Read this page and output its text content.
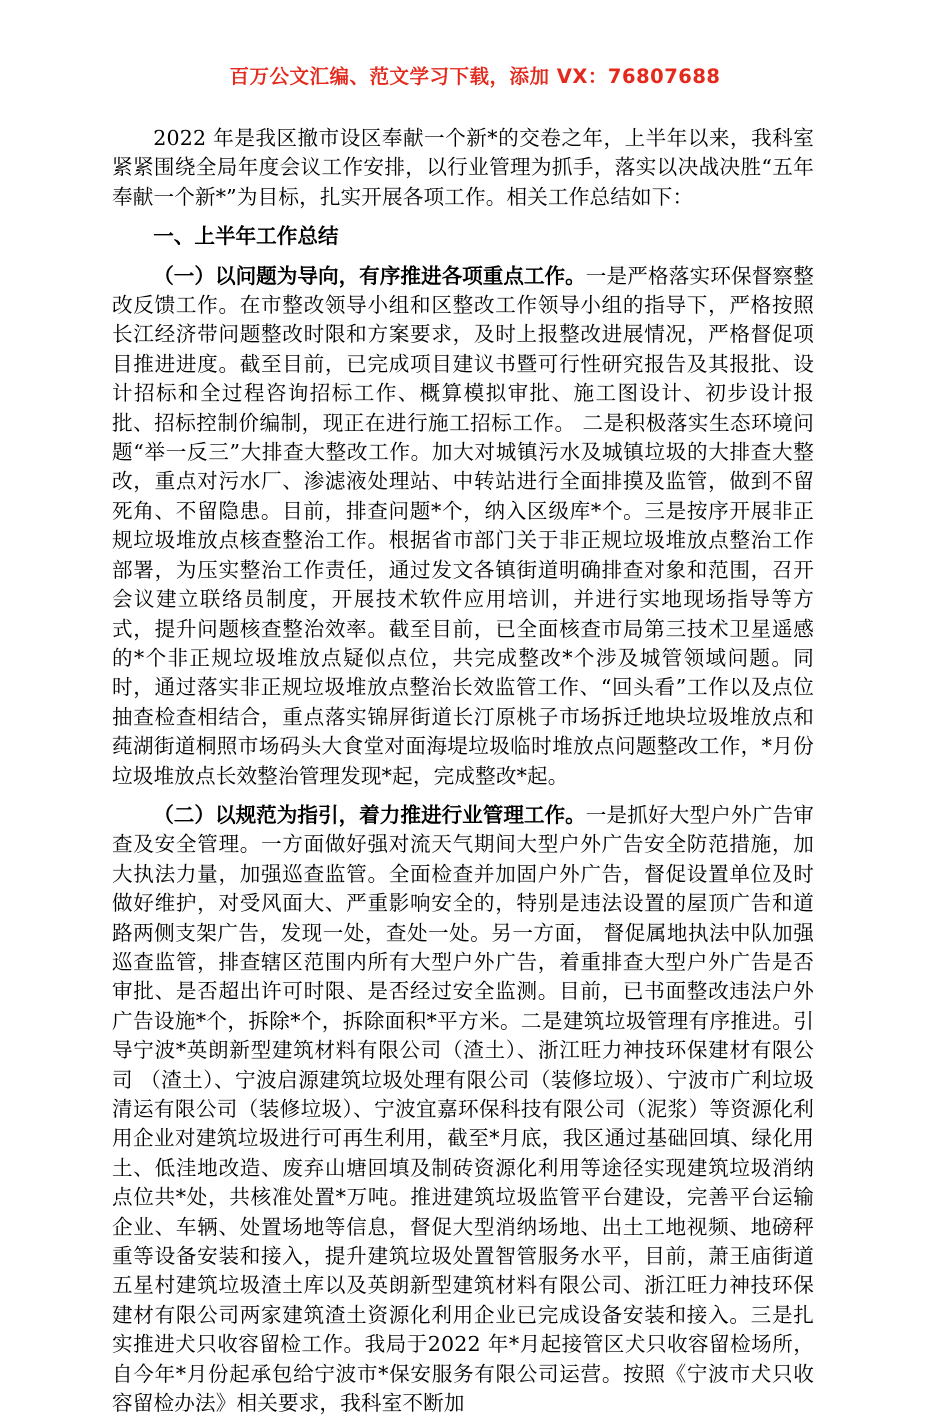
百万公文汇编、范文学习下载，添加 VX：76807688

2022 年是我区撤市设区奉献一个新*的交卷之年，上半年以来，我科室紧紧围绕全局年度会议工作安排，以行业管理为抓手，落实以决战决胜“五年奉献一个新*”为目标，扎实开展各项工作。相关工作总结如下：

一、上半年工作总结

（一）以问题为导向，有序推进各项重点工作。一是严格落实环保督察整改反馈工作。在市整改领导小组和区整改工作领导小组的指导下，严格按照长江经济带问题整改时限和方案要求，及时上报整改进展情况，严格督促项目推进进度。截至目前，已完成项目建议书暨可行性研究报告及其报批、设计招标和全过程咨询招标工作、概算模拟审批、施工图设计、初步设计报批、招标控制价编制，现正在进行施工招标工作。 二是积极落实生态环境问题“举一反三”大排查大整改工作。加大对城镇污水及城镇垃圾的大排查大整改，重点对污水厂、渗滤液处理站、中转站进行全面排摸及监管，做到不留死角、不留隐患。目前，排查问题*个，纳入区级库*个。三是按序开展非正规垃圾堆放点核查整治工作。根据省市部门关于非正规垃圾堆放点整治工作部署，为压实整治工作责任，通过发文各镇街道明确排查对象和范围，召开会议建立联络员制度，开展技术软件应用培训，并进行实地现场指导等方式，提升问题核查整治效率。截至目前，已全面核查市局第三技术卫星遥感的*个非正规垃圾堆放点疑似点位，共完成整改*个涉及城管领域问题。同时，通过落实非正规垃圾堆放点整治长效监管工作、“回头看”工作以及点位抽查检查相结合，重点落实锦屏街道长汀原桃子市场拆迁地块垃圾堆放点和莼湖街道桐照市场码头大食堂对面海堤垃圾临时堆放点问题整改工作，*月份垃圾堆放点长效整治管理发现*起，完成整改*起。

（二）以规范为指引，着力推进行业管理工作。一是抓好大型户外广告审查及安全管理。一方面做好强对流天气期间大型户外广告安全防范措施，加大执法力量，加强巡查监管。全面检查并加固户外广告，督促设置单位及时做好维护，对受风面大、严重影响安全的，特别是违法设置的屋顶广告和道路两侧支架广告，发现一处，查处一处。另一方面， 督促属地执法中队加强巡查监管，排查辖区范围内所有大型户外广告，着重排查大型户外广告是否审批、是否超出许可时限、是否经过安全监测。目前，已书面整改违法户外广告设施*个，拆除*个，拆除面积*平方米。二是建筑垃圾管理有序推进。引导宁波*英朗新型建筑材料有限公司（渣土）、浙江旺力神技环保建材有限公司 （渣土）、宁波启源建筑垃圾处理有限公司（装修垃圾）、宁波市广利垃圾清运有限公司（装修垃圾）、宁波宜嘉环保科技有限公司（泥浆）等资源化利用企业对建筑垃圾进行可再生利用，截至*月底，我区通过基础回填、绿化用土、低洼地改造、废弃山塘回填及制砖资源化利用等途径实现建筑垃圾消纳点位共*处，共核准处置*万吨。推进建筑垃圾监管平台建设，完善平台运输企业、车辆、处置场地等信息，督促大型消纳场地、出土工地视频、地磅秤重等设备安装和接入，提升建筑垃圾处置智管服务水平，目前，萧王庙街道五星村建筑垃圾渣土库以及英朗新型建筑材料有限公司、浙江旺力神技环保建材有限公司两家建筑渣土资源化利用企业已完成设备安装和接入。三是扎实推进犬只收容留检工作。我局于2022 年*月起接管区犬只收容留检场所，自今年*月份起承包给宁波市*保安服务有限公司运营。按照《宁波市犬只收容留检办法》相关要求，我科室不断加
